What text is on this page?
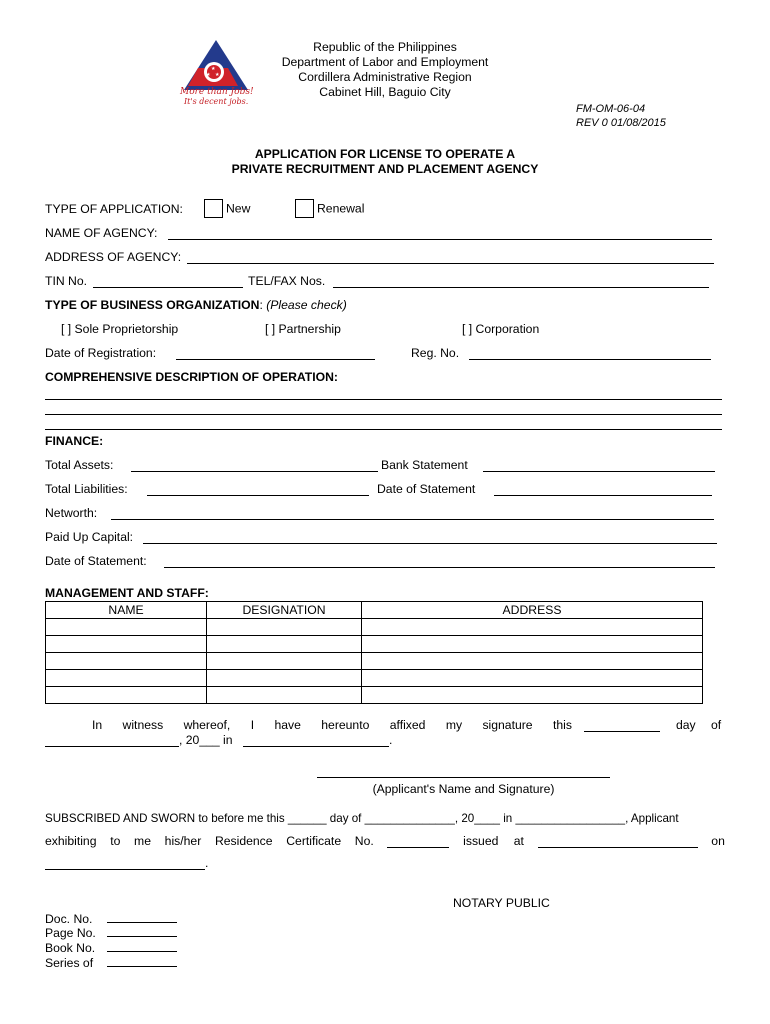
★
★ ★
More than Jobs!
It's decent jobs.
Republic of the Philippines
Department of Labor and Employment
Cordillera Administrative Region
Cabinet Hill, Baguio City
FM-OM-06-04
REV 0 01/08/2015
APPLICATION FOR LICENSE TO OPERATE A
PRIVATE RECRUITMENT AND PLACEMENT AGENCY
TYPE OF APPLICATION:	New	Renewal
NAME OF AGENCY:
ADDRESS OF AGENCY:
TIN No.	TEL/FAX Nos.
TYPE OF BUSINESS ORGANIZATION: (Please check)
[ ] Sole Proprietorship	[ ] Partnership	[ ] Corporation
Date of Registration:	Reg. No.
COMPREHENSIVE DESCRIPTION OF OPERATION:
FINANCE:
Total Assets:	Bank Statement
Total Liabilities:	Date of Statement
Networth:
Paid Up Capital:
Date of Statement:
MANAGEMENT AND STAFF:
NAME	DESIGNATION	ADDRESS

In witness whereof, I have hereunto affixed my signature this	day of
, 20___ in	.
(Applicant's Name and Signature)
SUBSCRIBED AND SWORN to before me this ______ day of ______________, 20____ in _________________, Applicant
exhibiting to me his/her Residence Certificate No.	issued at	on
.
NOTARY PUBLIC
Doc. No.
Page No.
Book No.
Series of
